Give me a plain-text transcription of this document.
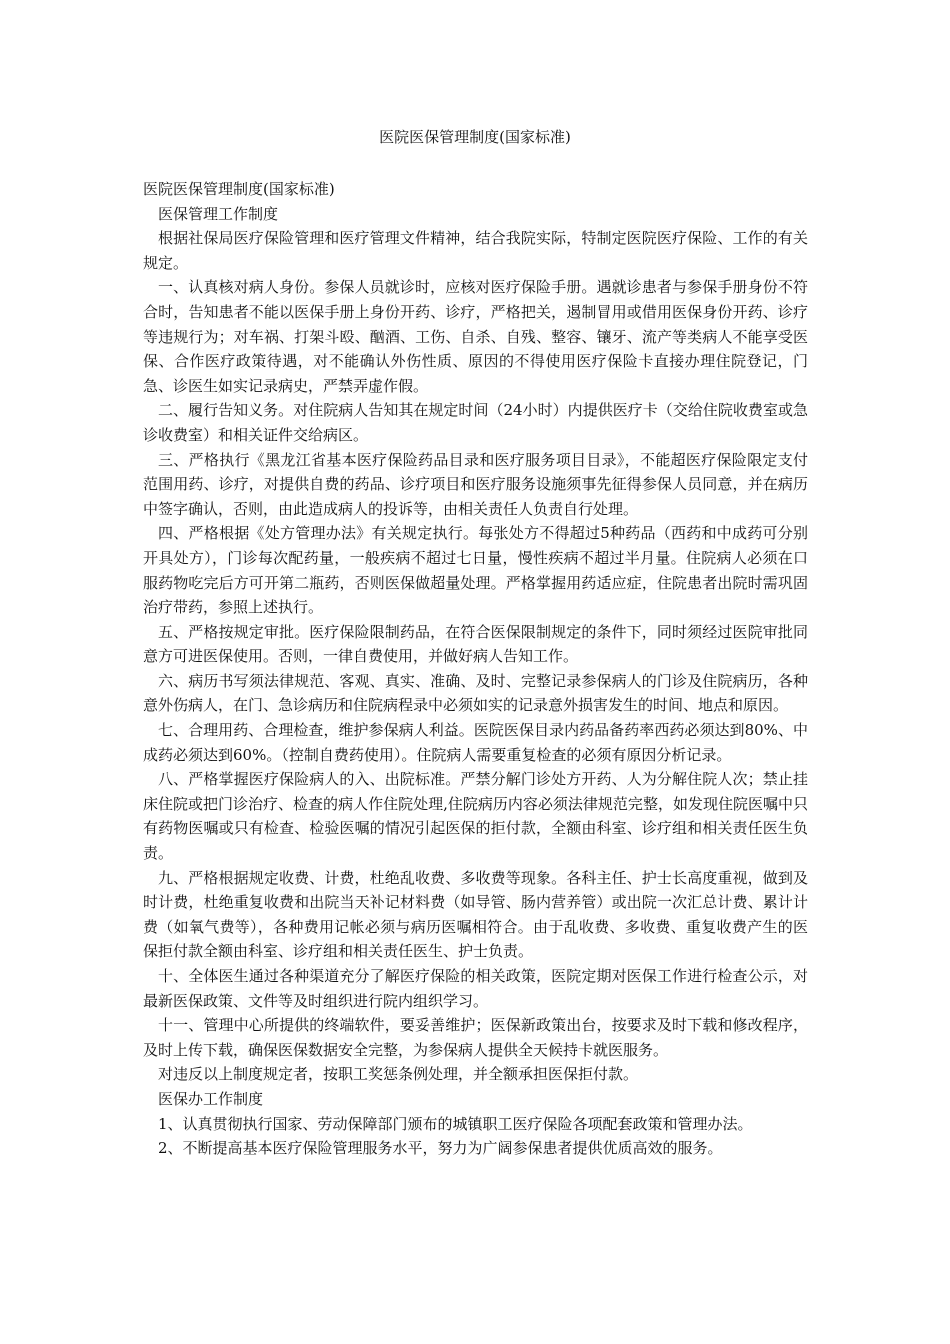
医院医保管理制度(国家标准)

医院医保管理制度(国家标准)

医保管理工作制度

根据社保局医疗保险管理和医疗管理文件精神，结合我院实际，特制定医院医疗保险、工作的有关规定。

一、认真核对病人身份。参保人员就诊时，应核对医疗保险手册。遇就诊患者与参保手册身份不符合时，告知患者不能以医保手册上身份开药、诊疗，严格把关，遏制冒用或借用医保身份开药、诊疗等违规行为；对车祸、打架斗殴、酗酒、工伤、自杀、自残、整容、镶牙、流产等类病人不能享受医保、合作医疗政策待遇，对不能确认外伤性质、原因的不得使用医疗保险卡直接办理住院登记，门急、诊医生如实记录病史，严禁弄虚作假。

二、履行告知义务。对住院病人告知其在规定时间（24小时）内提供医疗卡（交给住院收费室或急诊收费室）和相关证件交给病区。

三、严格执行《黑龙江省基本医疗保险药品目录和医疗服务项目目录》，不能超医疗保险限定支付范围用药、诊疗，对提供自费的药品、诊疗项目和医疗服务设施须事先征得参保人员同意，并在病历中签字确认，否则，由此造成病人的投诉等，由相关责任人负责自行处理。

四、严格根据《处方管理办法》有关规定执行。每张处方不得超过5种药品（西药和中成药可分别开具处方），门诊每次配药量，一般疾病不超过七日量，慢性疾病不超过半月量。住院病人必须在口服药物吃完后方可开第二瓶药，否则医保做超量处理。严格掌握用药适应症，住院患者出院时需巩固治疗带药，参照上述执行。

五、严格按规定审批。医疗保险限制药品，在符合医保限制规定的条件下，同时须经过医院审批同意方可进医保使用。否则，一律自费使用，并做好病人告知工作。

六、病历书写须法律规范、客观、真实、准确、及时、完整记录参保病人的门诊及住院病历，各种意外伤病人，在门、急诊病历和住院病程录中必须如实的记录意外损害发生的时间、地点和原因。

七、合理用药、合理检查，维护参保病人利益。医院医保目录内药品备药率西药必须达到80%、中成药必须达到60%。（控制自费药使用）。住院病人需要重复检查的必须有原因分析记录。

八、严格掌握医疗保险病人的入、出院标准。严禁分解门诊处方开药、人为分解住院人次；禁止挂床住院或把门诊治疗、检查的病人作住院处理,住院病历内容必须法律规范完整，如发现住院医嘱中只有药物医嘱或只有检查、检验医嘱的情况引起医保的拒付款，全额由科室、诊疗组和相关责任医生负责。

九、严格根据规定收费、计费，杜绝乱收费、多收费等现象。各科主任、护士长高度重视，做到及时计费，杜绝重复收费和出院当天补记材料费（如导管、肠内营养管）或出院一次汇总计费、累计计费（如氧气费等），各种费用记帐必须与病历医嘱相符合。由于乱收费、多收费、重复收费产生的医保拒付款全额由科室、诊疗组和相关责任医生、护士负责。

十、全体医生通过各种渠道充分了解医疗保险的相关政策，医院定期对医保工作进行检查公示，对最新医保政策、文件等及时组织进行院内组织学习。

十一、管理中心所提供的终端软件，要妥善维护；医保新政策出台，按要求及时下载和修改程序，及时上传下载，确保医保数据安全完整，为参保病人提供全天候持卡就医服务。

对违反以上制度规定者，按职工奖惩条例处理，并全额承担医保拒付款。

医保办工作制度

1、认真贯彻执行国家、劳动保障部门颁布的城镇职工医疗保险各项配套政策和管理办法。

2、不断提高基本医疗保险管理服务水平，努力为广阔参保患者提供优质高效的服务。
